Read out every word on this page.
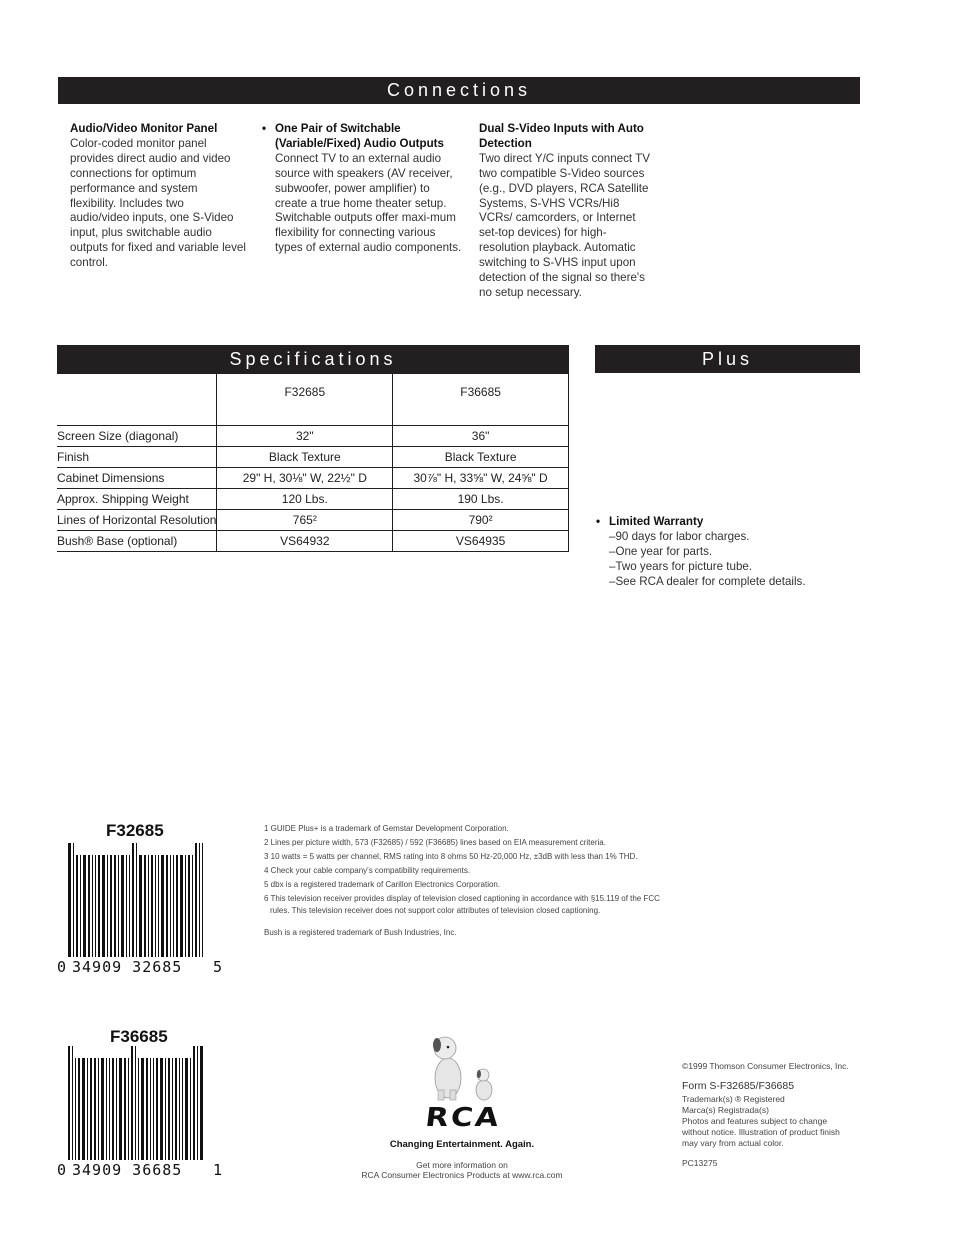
Connections

Audio/Video Monitor Panel

Color-coded monitor panel provides direct audio and video connections for optimum performance and system flexibility. Includes two audio/video inputs, one S-Video input, plus switchable audio outputs for fixed and variable level control.

• One Pair of Switchable (Variable/Fixed) Audio Outputs

Connect TV to an external audio source with speakers (AV receiver, subwoofer, power amplifier) to create a true home theater setup. Switchable outputs offer maxi-mum flexibility for connecting various types of external audio components.

Dual S-Video Inputs with Auto Detection

Two direct Y/C inputs connect TV two compatible S-Video sources (e.g., DVD players, RCA Satellite Systems, S-VHS VCRs/Hi8 VCRs/ camcorders, or Internet set-top devices) for high-resolution playback. Automatic switching to S-VHS input upon detection of the signal so there's no setup necessary.

Specifications
	F32685	F36685
Screen Size (diagonal)	32"	36"
Finish	Black Texture	Black Texture
Cabinet Dimensions	29" H, 30⅛" W, 22½" D	30⅞" H, 33⅝" W, 24⅝" D
Approx. Shipping Weight	120 Lbs.	190 Lbs.
Lines of Horizontal Resolution	765²	790²
Bush® Base (optional)	VS64932	VS64935
Plus

• Limited Warranty

–90 days for labor charges.

–One year for parts.

–Two years for picture tube.

–See RCA dealer for complete details.

F32685
0 34909 32685 5
F36685
0 34909 36685 1
1 GUIDE Plus+ is a trademark of Gemstar Development Corporation.
2 Lines per picture width, 573 (F32685) / 592 (F36685) lines based on EIA measurement criteria.
3 10 watts = 5 watts per channel, RMS rating into 8 ohms 50 Hz-20,000 Hz, ±3dB with less than 1% THD.
4 Check your cable company's compatibility requirements.
5 dbx is a registered trademark of Carillon Electronics Corporation.
6 This television receiver provides display of television closed captioning in accordance with §15.119 of the FCC
rules. This television receiver does not support color attributes of television closed captioning.
Bush is a registered trademark of Bush Industries, Inc.
RCA
Changing Entertainment. Again.
Get more information on
RCA Consumer Electronics Products at www.rca.com
©1999 Thomson Consumer Electronics, Inc.
Form S-F32685/F36685
Trademark(s) ® Registered
Marca(s) Registrada(s)
Photos and features subject to change
without notice. Illustration of product finish
may vary from actual color.
PC13275
